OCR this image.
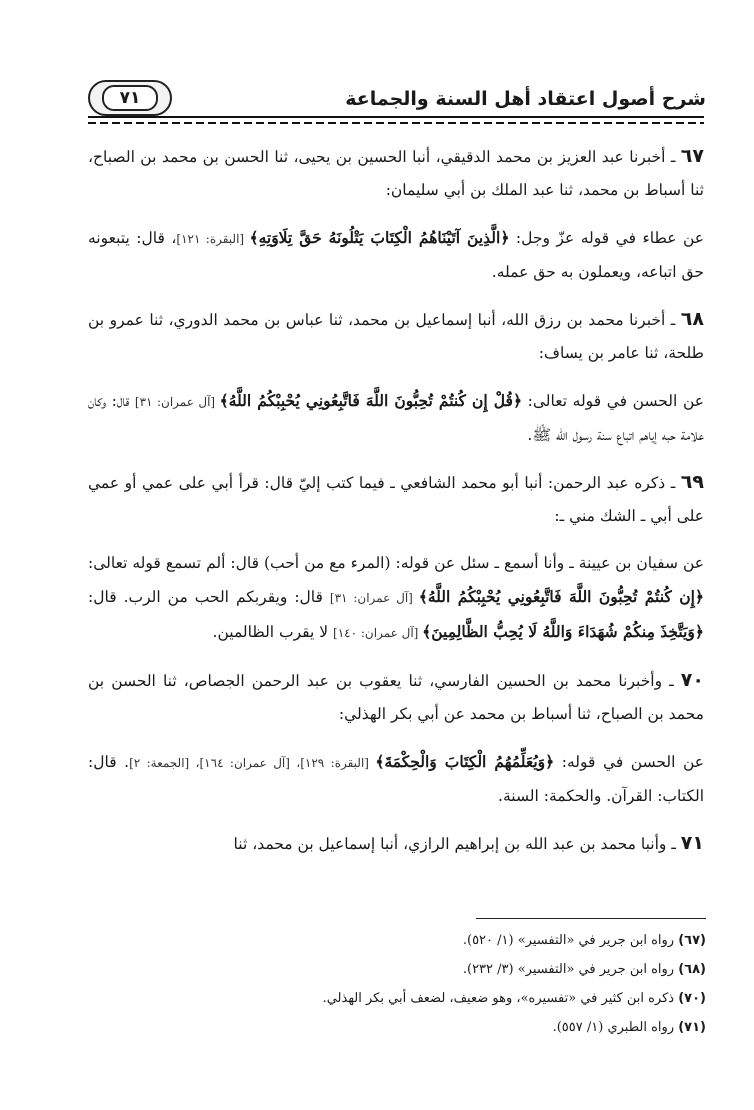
شرح أصول اعتقاد أهل السنة والجماعة
٧١

٦٧ ـ أخبرنا عبد العزيز بن محمد الدقيقي، أنبا الحسين بن يحيى، ثنا الحسن بن محمد بن الصباح، ثنا أسباط بن محمد، ثنا عبد الملك بن أبي سليمان:

عن عطاء في قوله عزّ وجل: ﴿الَّذِينَ آتَيْنَاهُمُ الْكِتَابَ يَتْلُونَهُ حَقَّ تِلَاوَتِهِ﴾ [البقرة: ١٢١]، قال: يتبعونه حق اتباعه، ويعملون به حق عمله.

٦٨ ـ أخبرنا محمد بن رزق الله، أنبا إسماعيل بن محمد، ثنا عباس بن محمد الدوري، ثنا عمرو بن طلحة، ثنا عامر بن يساف:

عن الحسن في قوله تعالى: ﴿قُلْ إِن كُنتُمْ تُحِبُّونَ اللَّهَ فَاتَّبِعُونِي يُحْبِبْكُمُ اللَّهُ﴾ [آل عمران: ٣١] قال: وكان علامة حبه إياهم اتباع سنة رسول الله ﷺ.

٦٩ ـ ذكره عبد الرحمن: أنبا أبو محمد الشافعي ـ فيما كتب إليّ قال: قرأ أبي على عمي أو عمي على أبي ـ الشك مني ـ:

عن سفيان بن عيينة ـ وأنا أسمع ـ سئل عن قوله: (المرء مع من أحب) قال: ألم تسمع قوله تعالى: ﴿إِن كُنتُمْ تُحِبُّونَ اللَّهَ فَاتَّبِعُونِي يُحْبِبْكُمُ اللَّهُ﴾ [آل عمران: ٣١] قال: ويقربكم الحب من الرب. قال: ﴿وَيَتَّخِذَ مِنكُمْ شُهَدَاءَ وَاللَّهُ لَا يُحِبُّ الظَّالِمِينَ﴾ [آل عمران: ١٤٠] لا يقرب الظالمين.

٧٠ ـ وأخبرنا محمد بن الحسين الفارسي، ثنا يعقوب بن عبد الرحمن الجصاص، ثنا الحسن بن محمد بن الصباح، ثنا أسباط بن محمد عن أبي بكر الهذلي:

عن الحسن في قوله: ﴿وَيُعَلِّمُهُمُ الْكِتَابَ وَالْحِكْمَةَ﴾ [البقرة: ١٢٩]، [آل عمران: ١٦٤]، [الجمعة: ٢]. قال: الكتاب: القرآن. والحكمة: السنة.

٧١ ـ وأنبا محمد بن عبد الله بن إبراهيم الرازي، أنبا إسماعيل بن محمد، ثنا

(٦٧) رواه ابن جرير في «التفسير» (١/ ٥٢٠).

(٦٨) رواه ابن جرير في «التفسير» (٣/ ٢٣٢).

(٧٠) ذكره ابن كثير في «تفسيره»، وهو ضعيف، لضعف أبي بكر الهذلي.

(٧١) رواه الطبري (١/ ٥٥٧).
